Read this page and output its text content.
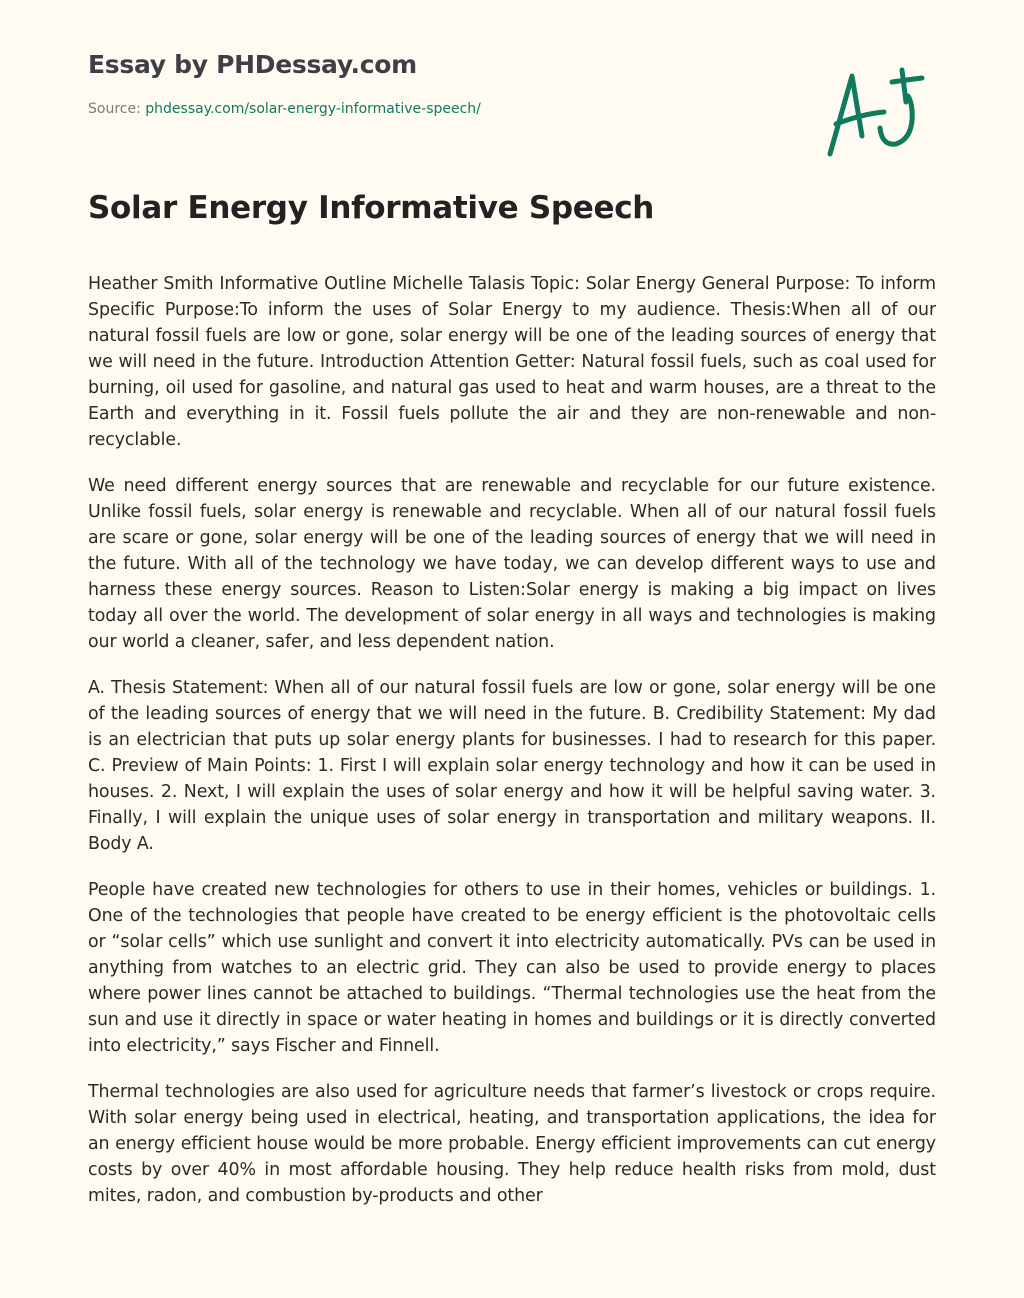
Essay by PHDessay.com
Source: phdessay.com/solar-energy-informative-speech/
Solar Energy Informative Speech

Heather Smith Informative Outline Michelle Talasis Topic: Solar Energy General Purpose: To inform Specific Purpose:To inform the uses of Solar Energy to my audience. Thesis:When all of our natural fossil fuels are low or gone, solar energy will be one of the leading sources of energy that we will need in the future. Introduction Attention Getter: Natural fossil fuels, such as coal used for burning, oil used for gasoline, and natural gas used to heat and warm houses, are a threat to the Earth and everything in it. Fossil fuels pollute the air and they are non-renewable and non-recyclable.

We need different energy sources that are renewable and recyclable for our future existence. Unlike fossil fuels, solar energy is renewable and recyclable. When all of our natural fossil fuels are scare or gone, solar energy will be one of the leading sources of energy that we will need in the future. With all of the technology we have today, we can develop different ways to use and harness these energy sources. Reason to Listen:Solar energy is making a big impact on lives today all over the world. The development of solar energy in all ways and technologies is making our world a cleaner, safer, and less dependent nation.

A. Thesis Statement: When all of our natural fossil fuels are low or gone, solar energy will be one of the leading sources of energy that we will need in the future. B. Credibility Statement: My dad is an electrician that puts up solar energy plants for businesses. I had to research for this paper. C. Preview of Main Points: 1. First I will explain solar energy technology and how it can be used in houses. 2. Next, I will explain the uses of solar energy and how it will be helpful saving water. 3. Finally, I will explain the unique uses of solar energy in transportation and military weapons. II. Body A.

People have created new technologies for others to use in their homes, vehicles or buildings. 1. One of the technologies that people have created to be energy efficient is the photovoltaic cells or “solar cells” which use sunlight and convert it into electricity automatically. PVs can be used in anything from watches to an electric grid. They can also be used to provide energy to places where power lines cannot be attached to buildings. “Thermal technologies use the heat from the sun and use it directly in space or water heating in homes and buildings or it is directly converted into electricity,” says Fischer and Finnell.

Thermal technologies are also used for agriculture needs that farmer’s livestock or crops require. With solar energy being used in electrical, heating, and transportation applications, the idea for an energy efficient house would be more probable. Energy efficient improvements can cut energy costs by over 40% in most affordable housing. They help reduce health risks from mold, dust mites, radon, and combustion by-products and other
